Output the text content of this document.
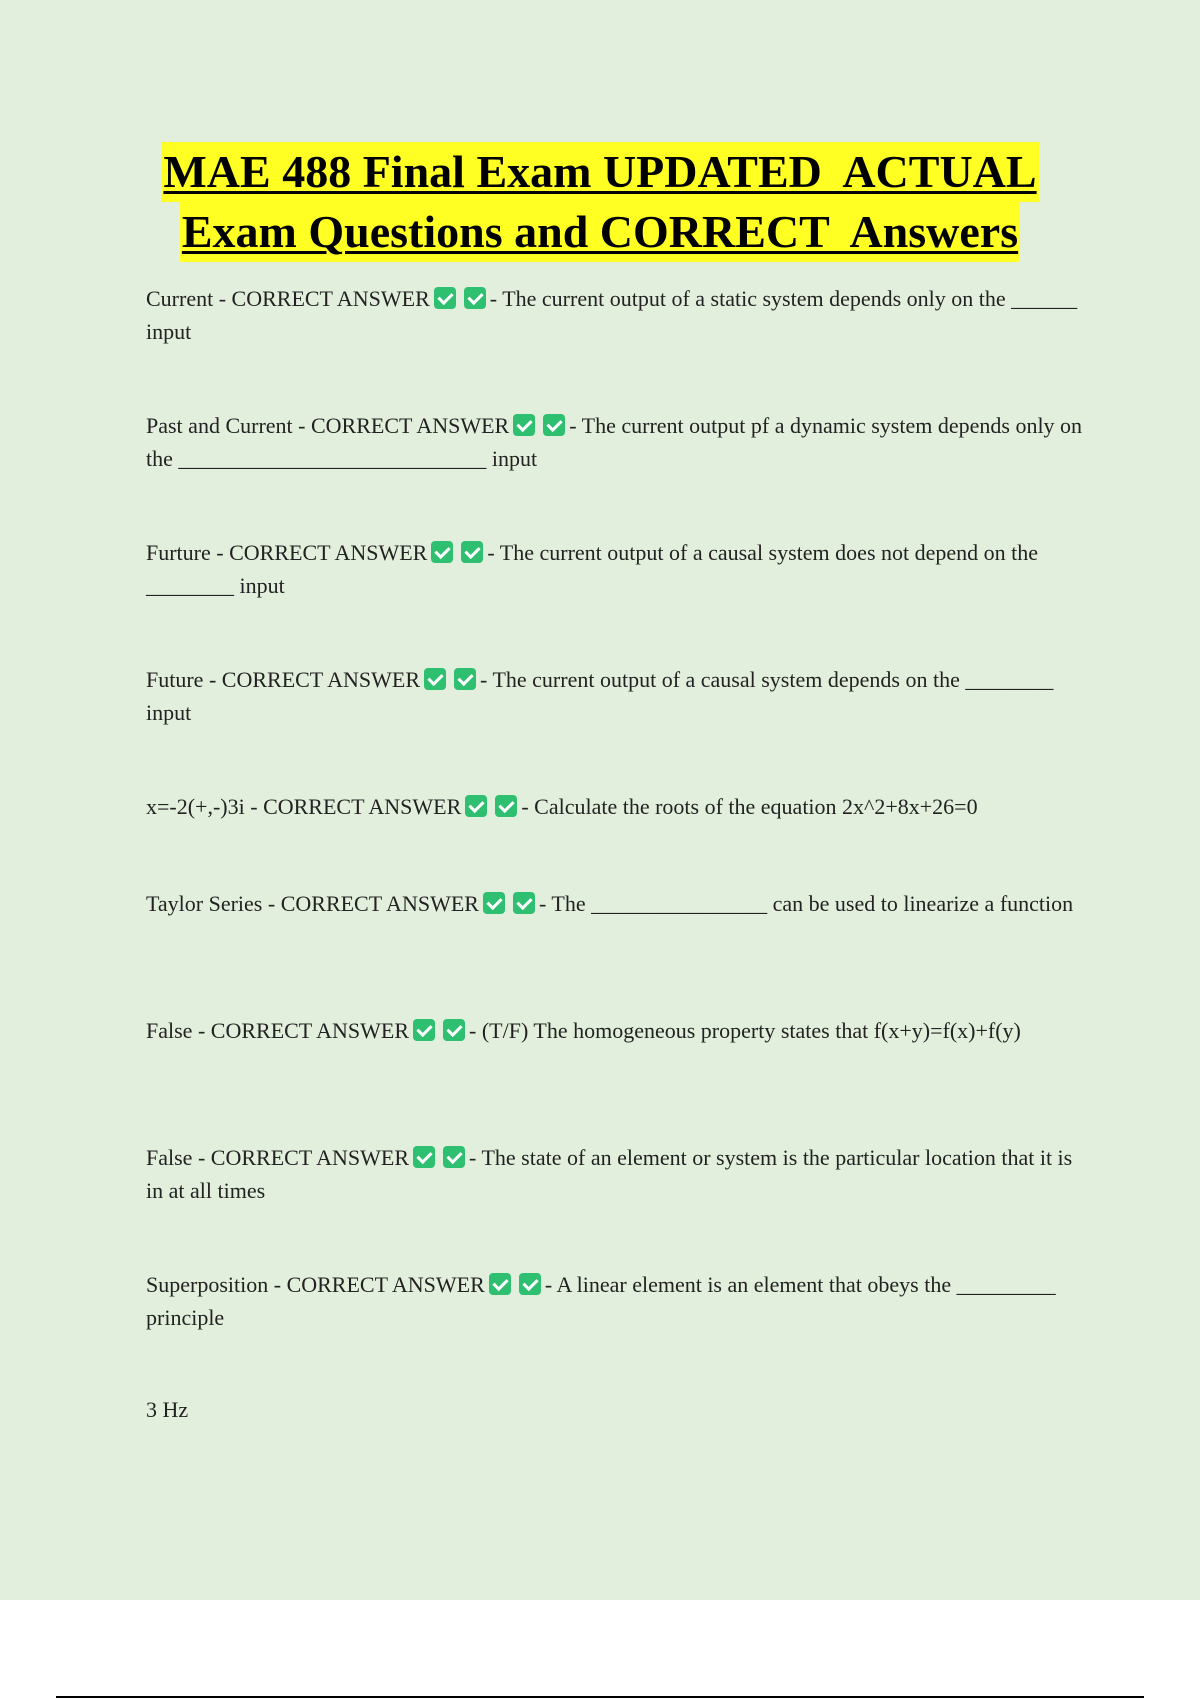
MAE 488 Final Exam UPDATED  ACTUAL
Exam Questions and CORRECT  Answers
Current - CORRECT ANSWER	- The current output of a static system depends only on the ______ input
Past and Current - CORRECT ANSWER	- The current output pf a dynamic system depends only on the ____________________________ input
Furture - CORRECT ANSWER	- The current output of a causal system does not depend on the ________ input
Future - CORRECT ANSWER	- The current output of a causal system depends on the ________ input
x=-2(+,-)3i - CORRECT ANSWER	- Calculate the roots of the equation 2x^2+8x+26=0
Taylor Series - CORRECT ANSWER	- The ________________ can be used to linearize a function
False - CORRECT ANSWER	- (T/F) The homogeneous property states that f(x+y)=f(x)+f(y)
False - CORRECT ANSWER	- The state of an element or system is the particular location that it is in at all times
Superposition - CORRECT ANSWER	- A linear element is an element that obeys the _________ principle
3 Hz
